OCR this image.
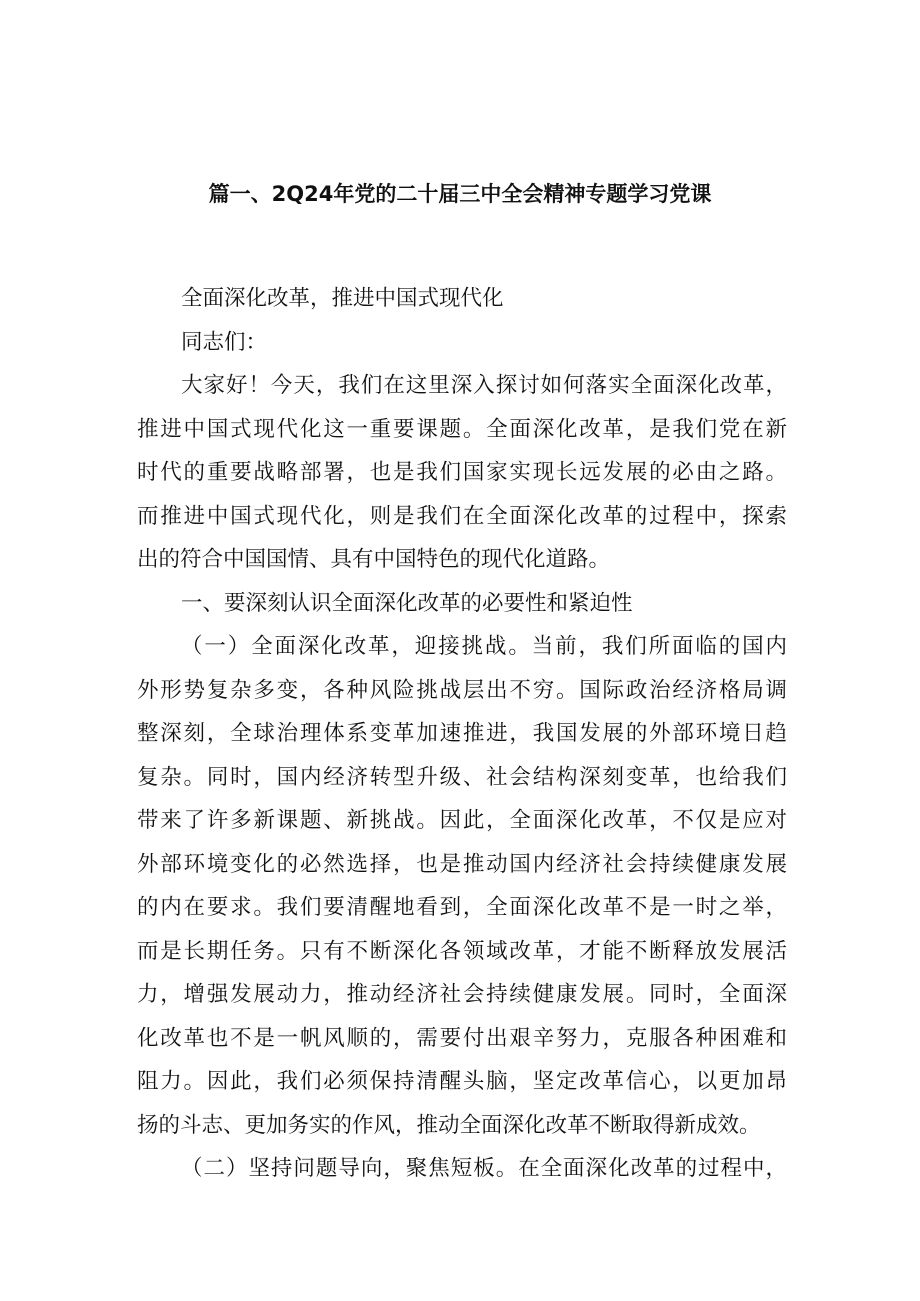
篇一、2Q24年党的二十届三中全会精神专题学习党课
全面深化改革，推进中国式现代化
同志们：
大家好！今天，我们在这里深入探讨如何落实全面深化改革，
推进中国式现代化这一重要课题。全面深化改革，是我们党在新
时代的重要战略部署，也是我们国家实现长远发展的必由之路。
而推进中国式现代化，则是我们在全面深化改革的过程中，探索
出的符合中国国情、具有中国特色的现代化道路。
一、要深刻认识全面深化改革的必要性和紧迫性
（一）全面深化改革，迎接挑战。当前，我们所面临的国内
外形势复杂多变，各种风险挑战层出不穷。国际政治经济格局调
整深刻，全球治理体系变革加速推进，我国发展的外部环境日趋
复杂。同时，国内经济转型升级、社会结构深刻变革，也给我们
带来了许多新课题、新挑战。因此，全面深化改革，不仅是应对
外部环境变化的必然选择，也是推动国内经济社会持续健康发展
的内在要求。我们要清醒地看到，全面深化改革不是一时之举，
而是长期任务。只有不断深化各领域改革，才能不断释放发展活
力，增强发展动力，推动经济社会持续健康发展。同时，全面深
化改革也不是一帆风顺的，需要付出艰辛努力，克服各种困难和
阻力。因此，我们必须保持清醒头脑，坚定改革信心，以更加昂
扬的斗志、更加务实的作风，推动全面深化改革不断取得新成效。
（二）坚持问题导向，聚焦短板。在全面深化改革的过程中，
